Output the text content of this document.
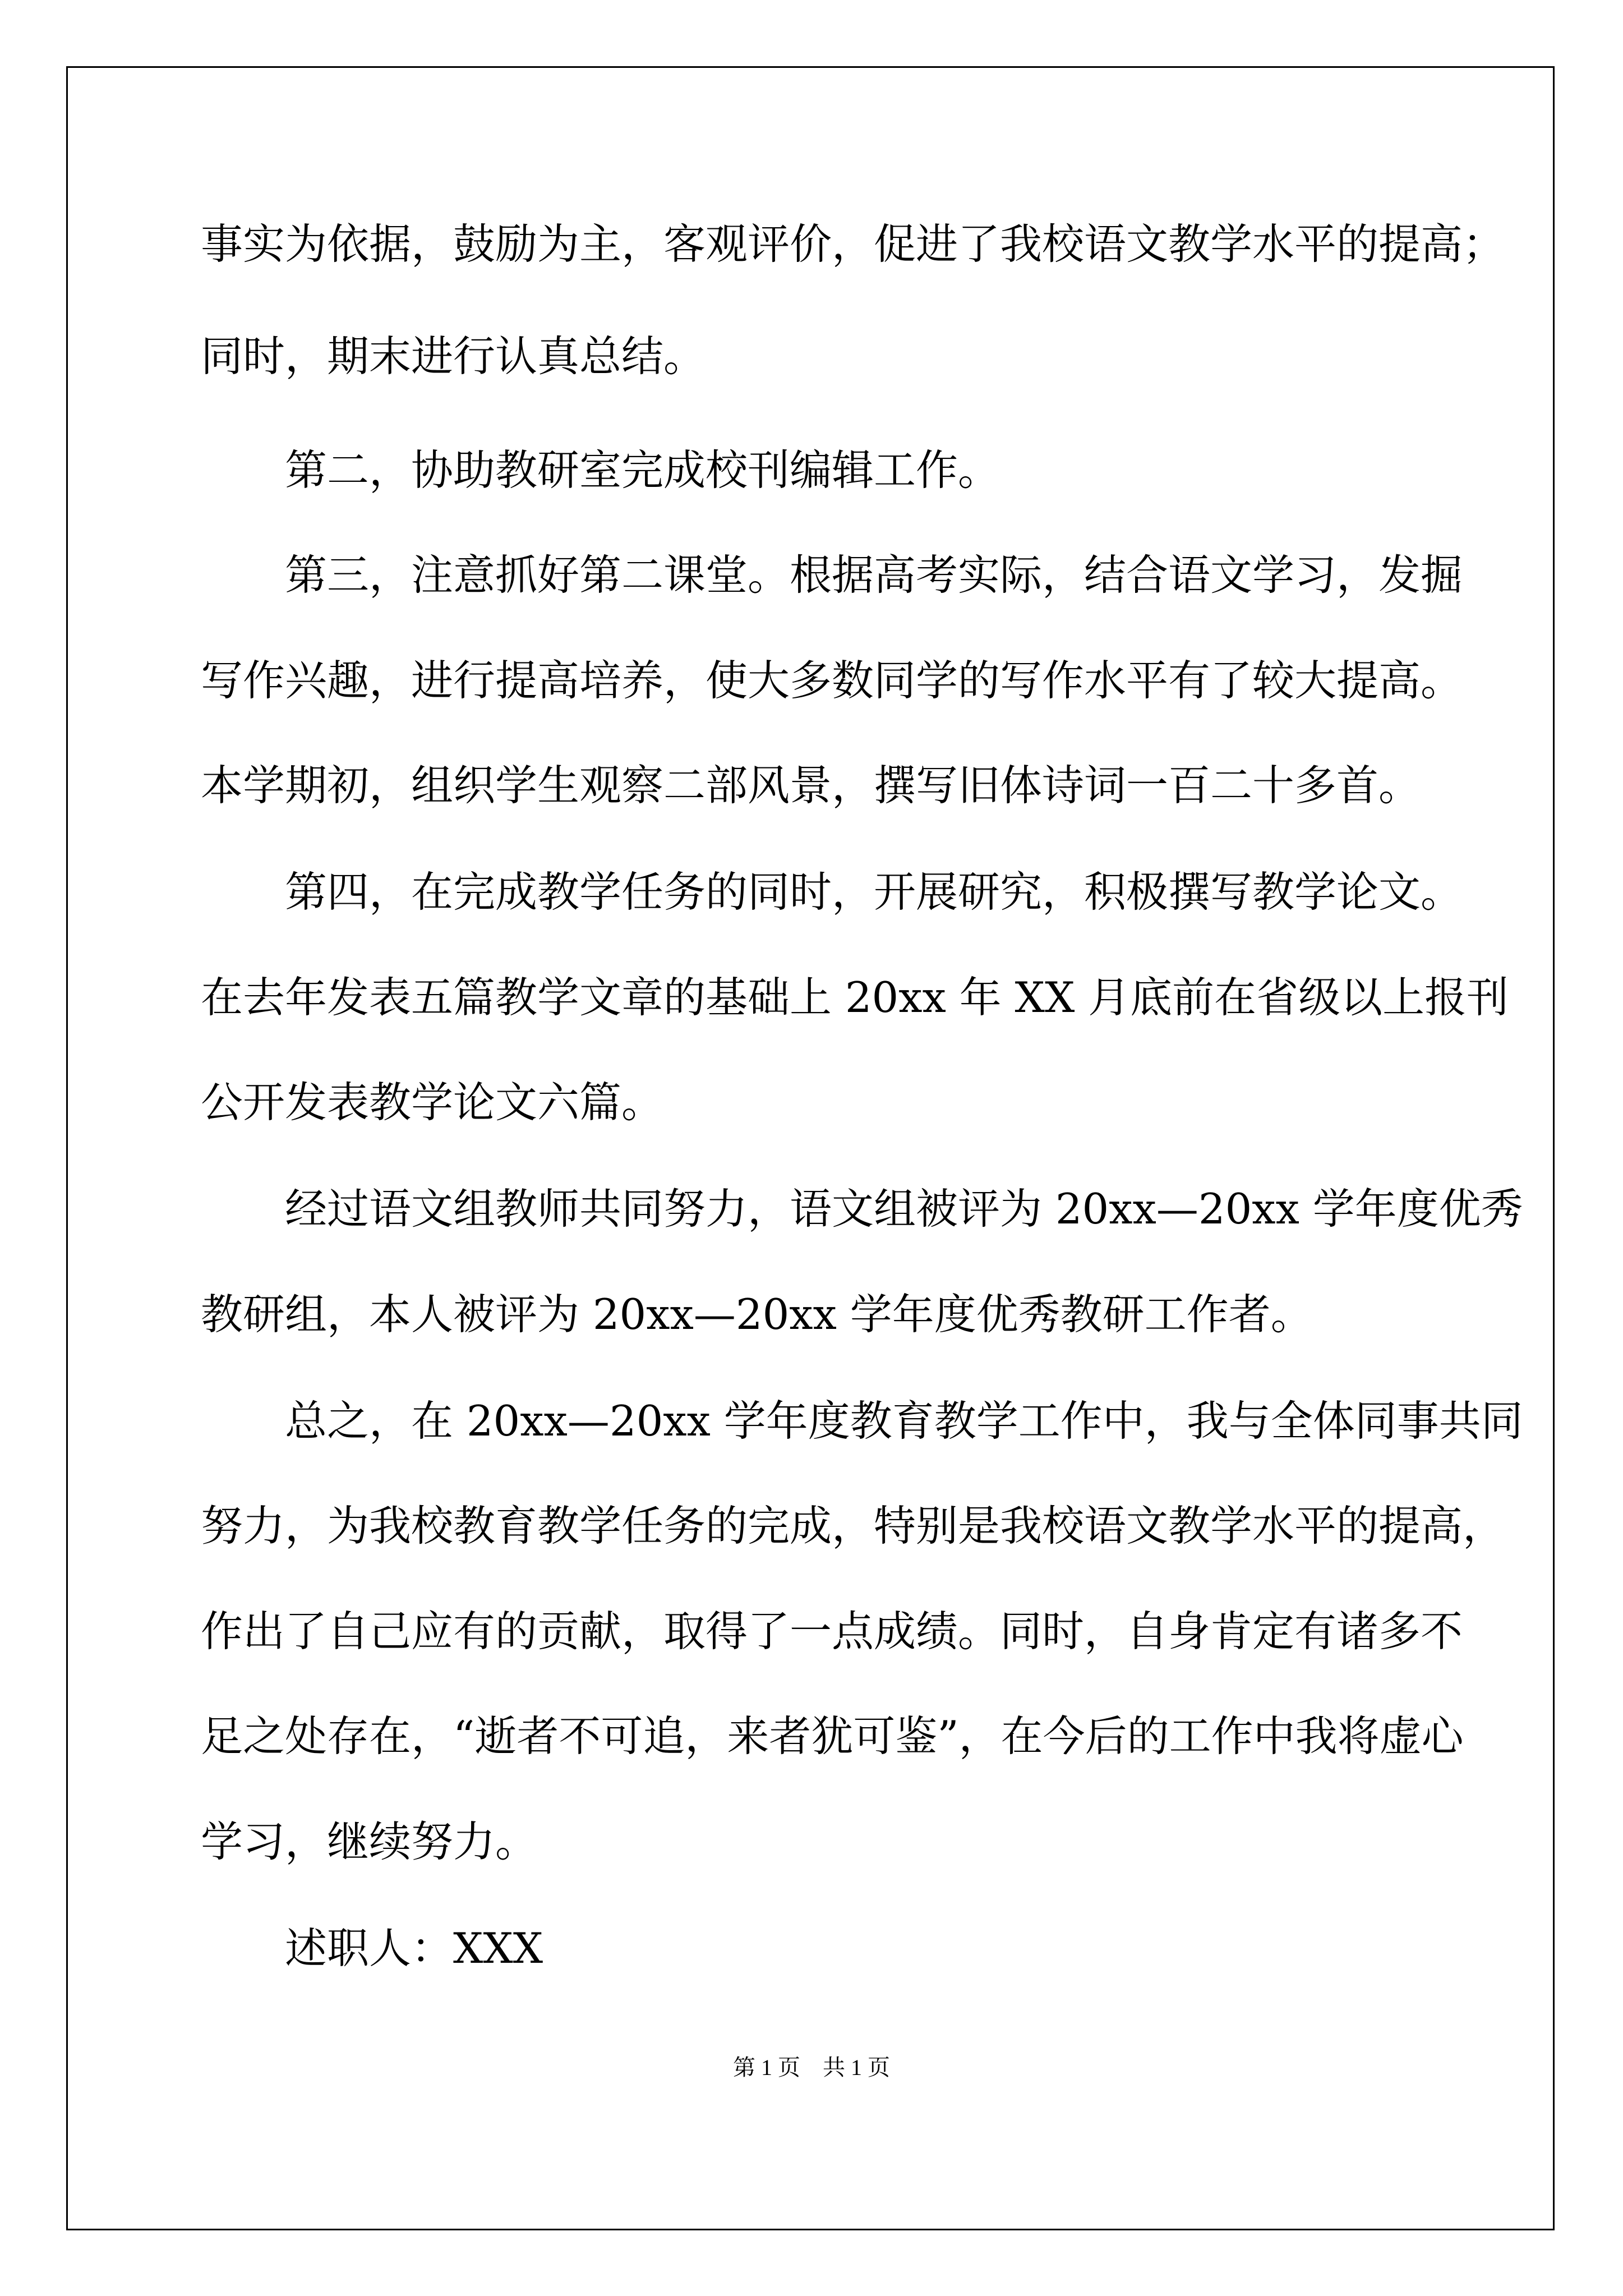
事实为依据，鼓励为主，客观评价，促进了我校语文教学水平的提高；
同时，期末进行认真总结。
第二，协助教研室完成校刊编辑工作。
第三，注意抓好第二课堂。根据高考实际，结合语文学习，发掘
写作兴趣，进行提高培养，使大多数同学的写作水平有了较大提高。
本学期初，组织学生观察二部风景，撰写旧体诗词一百二十多首。
第四，在完成教学任务的同时，开展研究，积极撰写教学论文。
在去年发表五篇教学文章的基础上 20xx 年 XX 月底前在省级以上报刊
公开发表教学论文六篇。
经过语文组教师共同努力，语文组被评为 20xx—20xx 学年度优秀
教研组，本人被评为 20xx—20xx 学年度优秀教研工作者。
总之，在 20xx—20xx 学年度教育教学工作中，我与全体同事共同
努力，为我校教育教学任务的完成，特别是我校语文教学水平的提高，
作出了自己应有的贡献，取得了一点成绩。同时，自身肯定有诸多不
足之处存在，“逝者不可追，来者犹可鉴”，在今后的工作中我将虚心
学习，继续努力。
述职人：XXX
第 1 页　共 1 页
